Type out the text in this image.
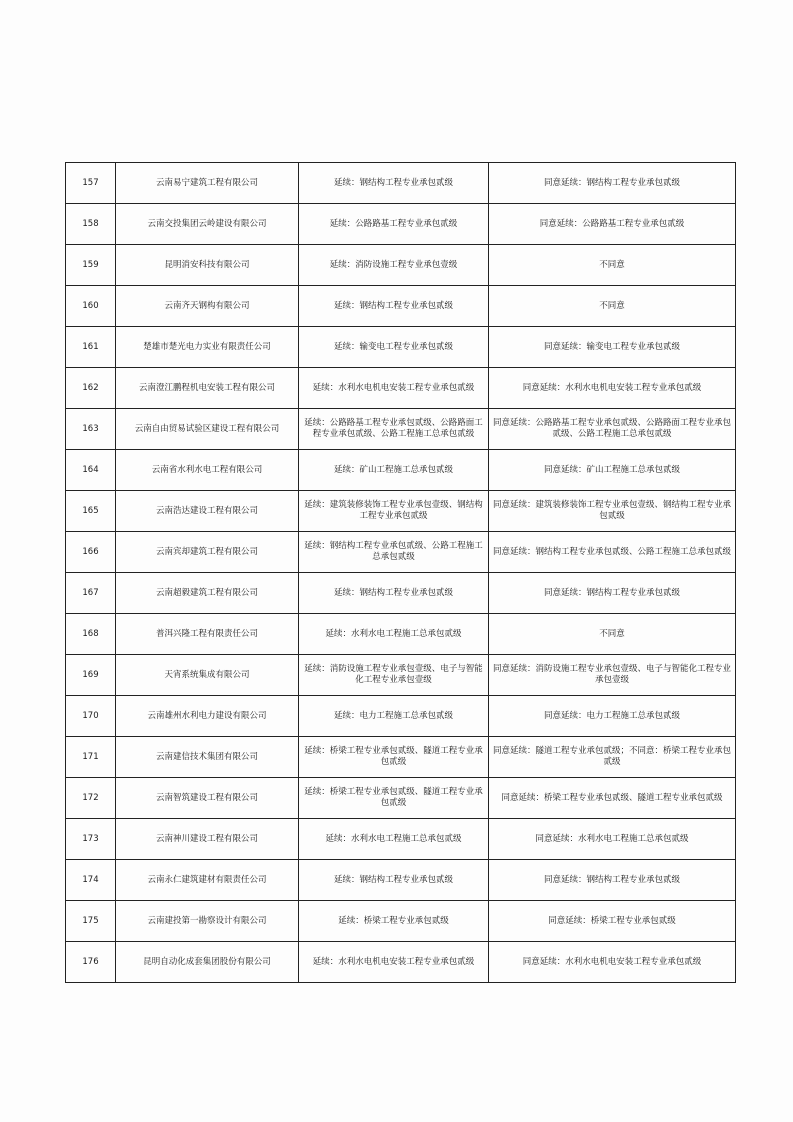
157	云南易宁建筑工程有限公司	延续：钢结构工程专业承包贰级	同意延续：钢结构工程专业承包贰级
158	云南交投集团云岭建设有限公司	延续：公路路基工程专业承包贰级	同意延续：公路路基工程专业承包贰级
159	昆明消安科技有限公司	延续：消防设施工程专业承包壹级	不同意
160	云南齐天钢构有限公司	延续：钢结构工程专业承包贰级	不同意
161	楚雄市楚光电力实业有限责任公司	延续：输变电工程专业承包贰级	同意延续：输变电工程专业承包贰级
162	云南澄江鹏程机电安装工程有限公司	延续：水利水电机电安装工程专业承包贰级	同意延续：水利水电机电安装工程专业承包贰级
163	云南自由贸易试验区建设工程有限公司	延续：公路路基工程专业承包贰级、公路路面工程专业承包贰级、公路工程施工总承包贰级	同意延续：公路路基工程专业承包贰级、公路路面工程专业承包贰级、公路工程施工总承包贰级
164	云南省水利水电工程有限公司	延续：矿山工程施工总承包贰级	同意延续：矿山工程施工总承包贰级
165	云南浩达建设工程有限公司	延续：建筑装修装饰工程专业承包壹级、钢结构工程专业承包贰级	同意延续：建筑装修装饰工程专业承包壹级、钢结构工程专业承包贰级
166	云南宾却建筑工程有限公司	延续：钢结构工程专业承包贰级、公路工程施工总承包贰级	同意延续：钢结构工程专业承包贰级、公路工程施工总承包贰级
167	云南超毅建筑工程有限公司	延续：钢结构工程专业承包贰级	同意延续：钢结构工程专业承包贰级
168	普洱兴隆工程有限责任公司	延续：水利水电工程施工总承包贰级	不同意
169	天宵系统集成有限公司	延续：消防设施工程专业承包壹级、电子与智能化工程专业承包壹级	同意延续：消防设施工程专业承包壹级、电子与智能化工程专业承包壹级
170	云南雄州水利电力建设有限公司	延续：电力工程施工总承包贰级	同意延续：电力工程施工总承包贰级
171	云南建信技术集团有限公司	延续：桥梁工程专业承包贰级、隧道工程专业承包贰级	同意延续：隧道工程专业承包贰级；不同意：桥梁工程专业承包贰级
172	云南智筑建设工程有限公司	延续：桥梁工程专业承包贰级、隧道工程专业承包贰级	同意延续：桥梁工程专业承包贰级、隧道工程专业承包贰级
173	云南神川建设工程有限公司	延续：水利水电工程施工总承包贰级	同意延续：水利水电工程施工总承包贰级
174	云南永仁建筑建材有限责任公司	延续：钢结构工程专业承包贰级	同意延续：钢结构工程专业承包贰级
175	云南建投第一勘察设计有限公司	延续：桥梁工程专业承包贰级	同意延续：桥梁工程专业承包贰级
176	昆明自动化成套集团股份有限公司	延续：水利水电机电安装工程专业承包贰级	同意延续：水利水电机电安装工程专业承包贰级
